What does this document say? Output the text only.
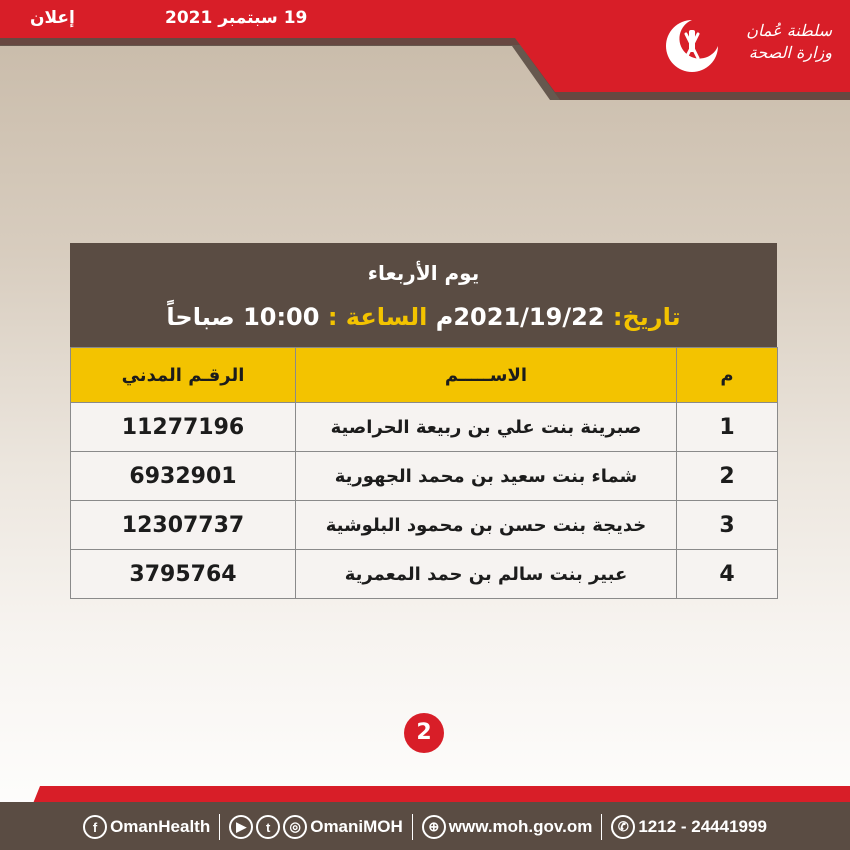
19 سبتمبر 2021
إعلان
سلطنة عُمان
وزارة الصحة
يوم الأربعاء
تاريخ: 2021/19/22م الساعة : 10:00 صباحاً
م	الاســـــم	الرقـم المدني
1	صبرينة بنت علي بن ربيعة الحراصية	11277196
2	شماء بنت سعيد بن محمد الجهورية	6932901
3	خديجة بنت حسن بن محمود البلوشية	12307737
4	عبير بنت سالم بن حمد المعمرية	3795764
2
f OmanHealth	▶	t	◎ OmaniMOH	⊕ www.moh.gov.om	✆ 1212 - 24441999
